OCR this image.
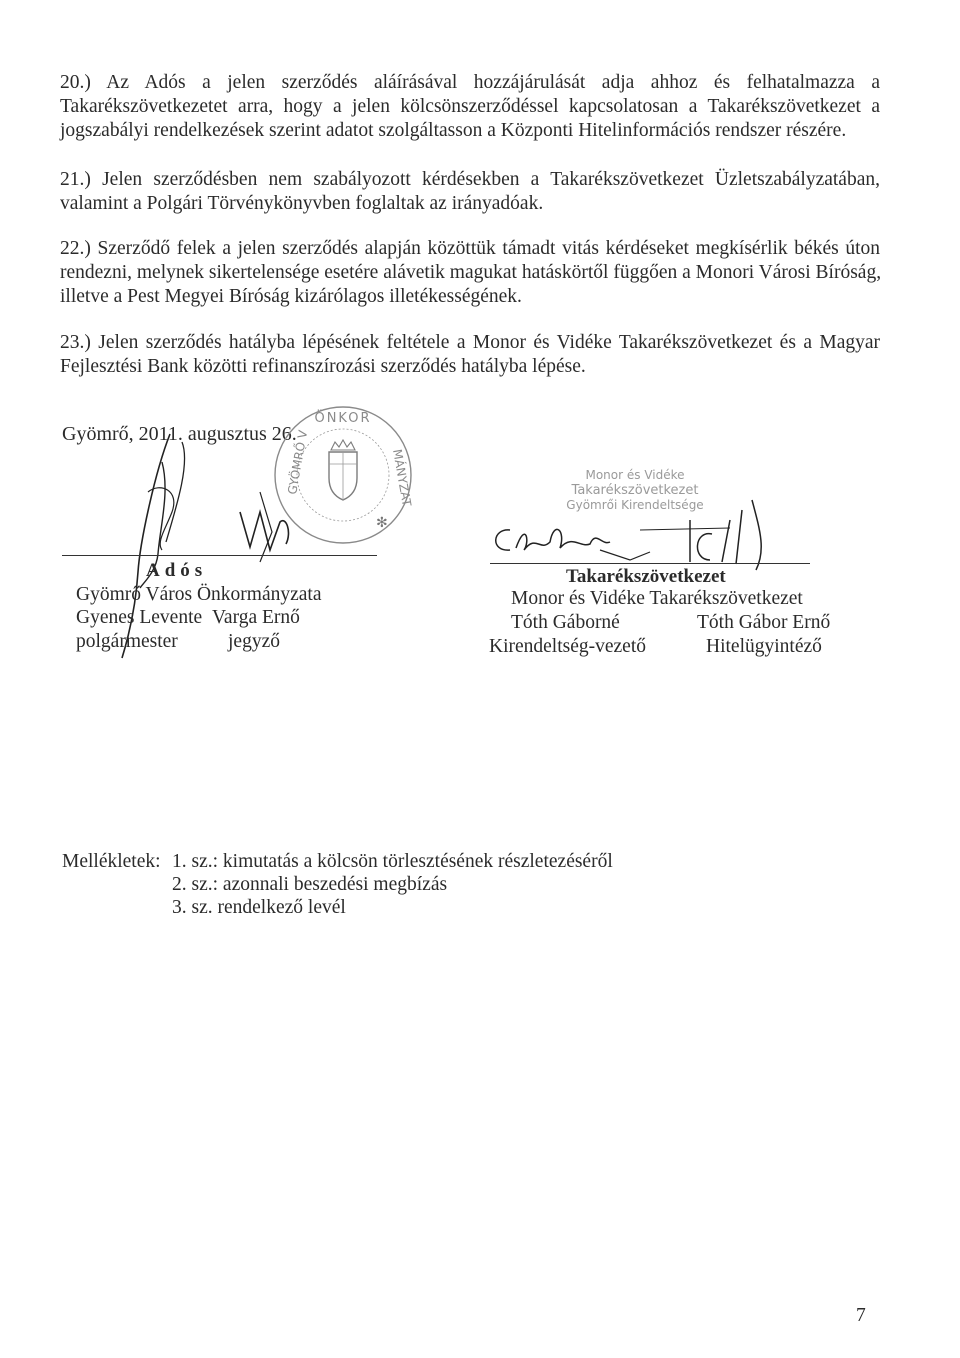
20.) Az Adós a jelen szerződés aláírásával hozzájárulását adja ahhoz és felhatalmazza a
Takarékszövetkezetet arra, hogy a jelen kölcsönszerződéssel kapcsolatosan a Takarékszövetkezet a
jogszabályi rendelkezések szerint adatot szolgáltasson a Központi Hitelinformációs rendszer részére.
21.) Jelen szerződésben nem szabályozott kérdésekben a Takarékszövetkezet Üzletszabályzatában,
valamint a Polgári Törvénykönyvben foglaltak az irányadóak.
22.) Szerződő felek a jelen szerződés alapján közöttük támadt vitás kérdéseket megkísérlik békés úton
rendezni, melynek sikertelensége esetére alávetik magukat hatáskörtől függően a Monori Városi Bíróság,
illetve a Pest Megyei Bíróság kizárólagos illetékességének.
23.) Jelen szerződés hatályba lépésének feltétele a Monor és Vidéke Takarékszövetkezet és a Magyar
Fejlesztési Bank közötti refinanszírozási szerződés hatályba lépése.
Gyömrő, 2011. augusztus 26.
ÖNKOR
GYÖMRŐ V	MÁNYZAT
✻
Monor és Vidéke
Takarékszövetkezet
Gyömrői Kirendeltsége
Adós
Gyömrő Város Önkormányzata
Gyenes Levente Varga Ernő
polgármester	jegyző
Takarékszövetkezet
Monor és Vidéke Takarékszövetkezet
Tóth Gáborné	Tóth Gábor Ernő
Kirendeltség-vezető	Hitelügyintéző
Mellékletek: 1. sz.: kimutatás a kölcsön törlesztésének részletezéséről
2. sz.: azonnali beszedési megbízás
3. sz. rendelkező levél
7
